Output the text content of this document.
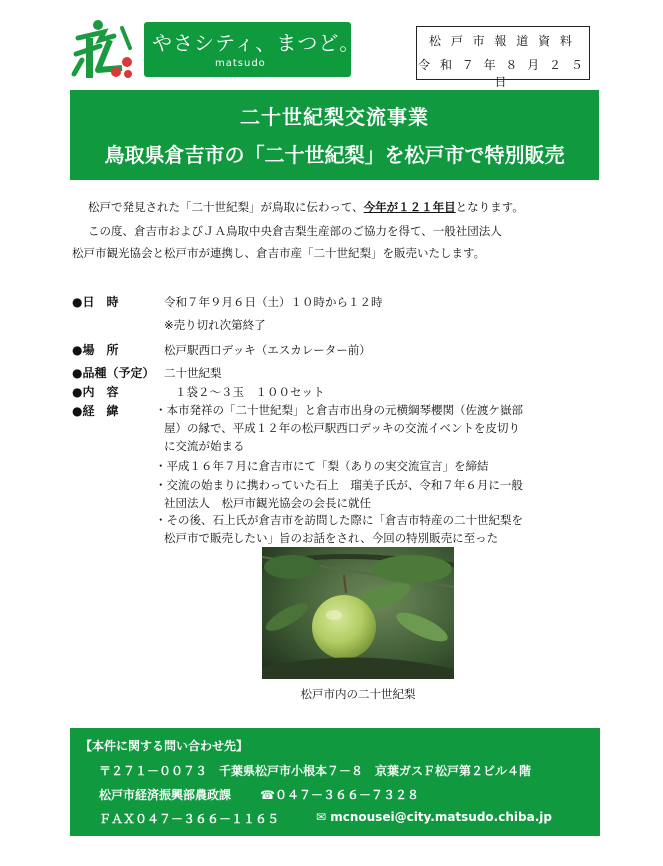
やさシティ、まつど。
matsudo
松 戸 市 報 道 資 料
令 和 ７ 年 ８ 月 ２ ５ 日
二十世紀梨交流事業
鳥取県倉吉市の「二十世紀梨」を松戸市で特別販売
松戸で発見された「二十世紀梨」が鳥取に伝わって、今年が１２１年目となります。
この度、倉吉市およびＪＡ鳥取中央倉吉梨生産部のご協力を得て、一般社団法人
松戸市観光協会と松戸市が連携し、倉吉市産「二十世紀梨」を販売いたします。
●日　時	令和７年９月６日（土）１０時から１２時
※売り切れ次第終了
●場　所	松戸駅西口デッキ（エスカレーター前）
●品種（予定） 二十世紀梨
●内　容	１袋２～３玉　１００セット
●経　緯	・本市発祥の「二十世紀梨」と倉吉市出身の元横綱琴櫻関（佐渡ケ嶽部
屋）の縁で、平成１２年の松戸駅西口デッキの交流イベントを皮切り
に交流が始まる
・平成１６年７月に倉吉市にて「梨（ありの実交流宣言」を締結
・交流の始まりに携わっていた石上　瑠美子氏が、令和７年６月に一般
社団法人　松戸市観光協会の会長に就任
・その後、石上氏が倉吉市を訪問した際に「倉吉市特産の二十世紀梨を
松戸市で販売したい」旨のお話をされ、今回の特別販売に至った
松戸市内の二十世紀梨
【本件に関する問い合わせ先】
〒２７１－００７３　千葉県松戸市小根本７－８　京葉ガスＦ松戸第２ビル４階
松戸市経済振興部農政課 ☎０４７－３６６－７３２８
ＦＡＸ０４７－３６６－１１６５	✉ mcnousei@city.matsudo.chiba.jp
